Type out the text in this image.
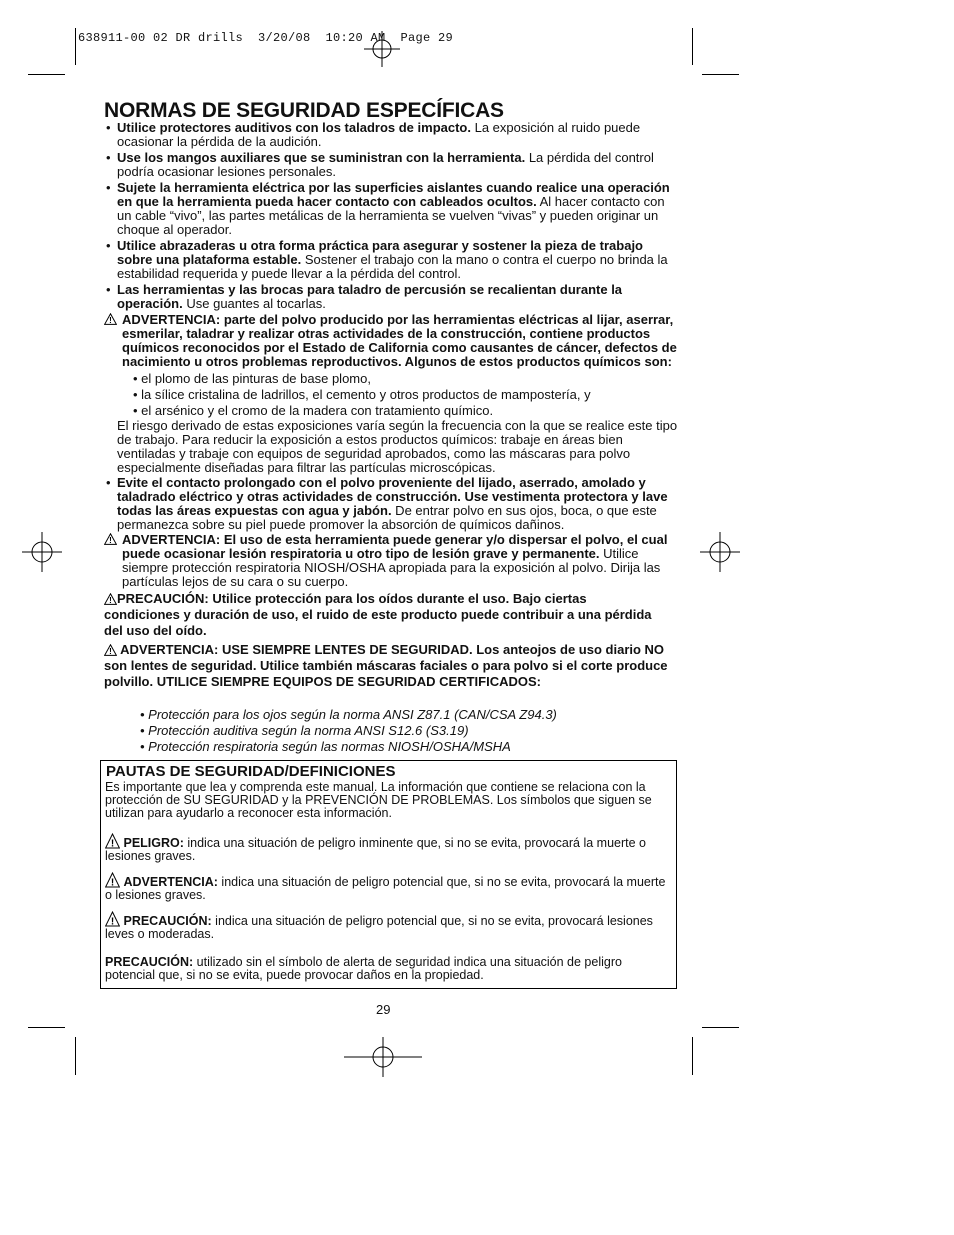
638911-00 02 DR drills  3/20/08  10:20 AM  Page 29
NORMAS DE SEGURIDAD ESPECÍFICAS

• Utilice protectores auditivos con los taladros de impacto. La exposición al ruido puede ocasionar la pérdida de la audición.

• Use los mangos auxiliares que se suministran con la herramienta. La pérdida del control podría ocasionar lesiones personales.

• Sujete la herramienta eléctrica por las superficies aislantes cuando realice una operación en que la herramienta pueda hacer contacto con cableados ocultos. Al hacer contacto con un cable “vivo”, las partes metálicas de la herramienta se vuelven “vivas” y pueden originar un choque al operador.

• Utilice abrazaderas u otra forma práctica para asegurar y sostener la pieza de trabajo sobre una plataforma estable. Sostener el trabajo con la mano o contra el cuerpo no brinda la estabilidad requerida y puede llevar a la pérdida del control.

• Las herramientas y las brocas para taladro de percusión se recalientan durante la operación. Use guantes al tocarlas.

! ADVERTENCIA: parte del polvo producido por las herramientas eléctricas al lijar, aserrar, esmerilar, taladrar y realizar otras actividades de la construcción, contiene productos químicos reconocidos por el Estado de California como causantes de cáncer, defectos de nacimiento u otros problemas reproductivos. Algunos de estos productos químicos son:

• el plomo de las pinturas de base plomo,
• la sílice cristalina de ladrillos, el cemento y otros productos de mampostería, y
• el arsénico y el cromo de la madera con tratamiento químico.

El riesgo derivado de estas exposiciones varía según la frecuencia con la que se realice este tipo de trabajo. Para reducir la exposición a estos productos químicos: trabaje en áreas bien ventiladas y trabaje con equipos de seguridad aprobados, como las máscaras para polvo especialmente diseñadas para filtrar las partículas microscópicas.

• Evite el contacto prolongado con el polvo proveniente del lijado, aserrado, amolado y taladrado eléctrico y otras actividades de construcción. Use vestimenta protectora y lave todas las áreas expuestas con agua y jabón. De entrar polvo en sus ojos, boca, o que este permanezca sobre su piel puede promover la absorción de químicos dañinos.

! ADVERTENCIA: El uso de esta herramienta puede generar y/o dispersar el polvo, el cual puede ocasionar lesión respiratoria u otro tipo de lesión grave y permanente. Utilice siempre protección respiratoria NIOSH/OSHA apropiada para la exposición al polvo. Dirija las partículas lejos de su cara o su cuerpo.

! PRECAUCIÓN: Utilice protección para los oídos durante el uso. Bajo ciertas condiciones y duración de uso, el ruido de este producto puede contribuir a una pérdida del uso del oído.
! ADVERTENCIA: USE SIEMPRE LENTES DE SEGURIDAD. Los anteojos de uso diario NO son lentes de seguridad. Utilice también máscaras faciales o para polvo si el corte produce polvillo. UTILICE SIEMPRE EQUIPOS DE SEGURIDAD CERTIFICADOS:
• Protección para los ojos según la norma ANSI Z87.1 (CAN/CSA Z94.3)
• Protección auditiva según la norma ANSI S12.6 (S3.19)
• Protección respiratoria según las normas NIOSH/OSHA/MSHA
PAUTAS DE SEGURIDAD/DEFINICIONES
Es importante que lea y comprenda este manual. La información que contiene se relaciona con la protección de SU SEGURIDAD y la PREVENCIÓN DE PROBLEMAS. Los símbolos que siguen se utilizan para ayudarlo a reconocer esta información.
! PELIGRO: indica una situación de peligro inminente que, si no se evita, provocará la muerte o lesiones graves.
! ADVERTENCIA: indica una situación de peligro potencial que, si no se evita, provocará la muerte o lesiones graves.
! PRECAUCIÓN: indica una situación de peligro potencial que, si no se evita, provocará lesiones leves o moderadas.
PRECAUCIÓN: utilizado sin el símbolo de alerta de seguridad indica una situación de peligro potencial que, si no se evita, puede provocar daños en la propiedad.
29
